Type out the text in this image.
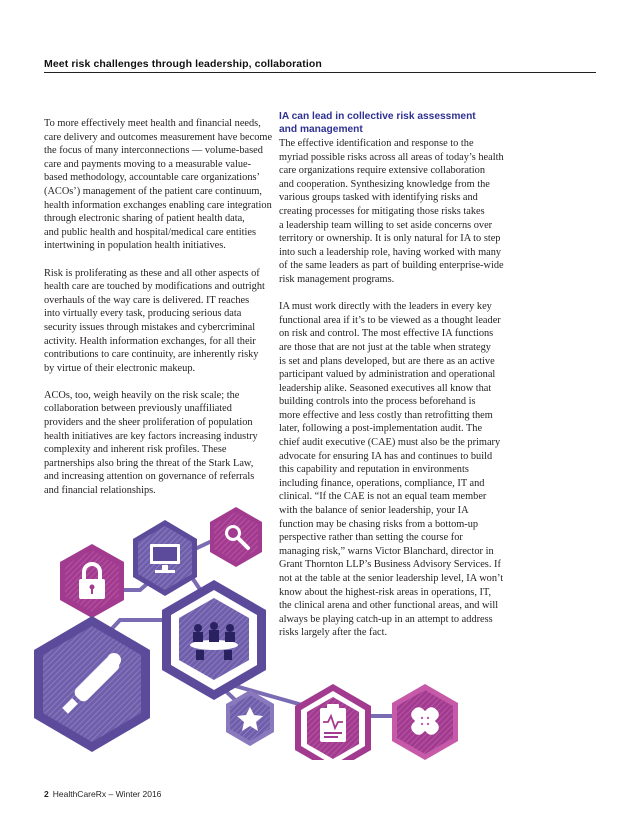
Meet risk challenges through leadership, collaboration

To more effectively meet health and financial needs,
care delivery and outcomes measurement have become
the focus of many interconnections — volume-based
care and payments moving to a measurable value-
based methodology, accountable care organizations’
(ACOs’) management of the patient care continuum,
health information exchanges enabling care integration
through electronic sharing of patient health data,
and public health and hospital/medical care entities
intertwining in population health initiatives.

Risk is proliferating as these and all other aspects of
health care are touched by modifications and outright
overhauls of the way care is delivered. IT reaches
into virtually every task, producing serious data
security issues through mistakes and cybercriminal
activity. Health information exchanges, for all their
contributions to care continuity, are inherently risky
by virtue of their electronic makeup.

ACOs, too, weigh heavily on the risk scale; the
collaboration between previously unaffiliated
providers and the sheer proliferation of population
health initiatives are key factors increasing industry
complexity and inherent risk profiles. These
partnerships also bring the threat of the Stark Law,
and increasing attention on governance of referrals
and financial relationships.

IA can lead in collective risk assessment
and management

The effective identification and response to the
myriad possible risks across all areas of today’s health
care organizations require extensive collaboration
and cooperation. Synthesizing knowledge from the
various groups tasked with identifying risks and
creating processes for mitigating those risks takes
a leadership team willing to set aside concerns over
territory or ownership. It is only natural for IA to step
into such a leadership role, having worked with many
of the same leaders as part of building enterprise-wide
risk management programs.

IA must work directly with the leaders in every key
functional area if it’s to be viewed as a thought leader
on risk and control. The most effective IA functions
are those that are not just at the table when strategy
is set and plans developed, but are there as an active
participant valued by administration and operational
leadership alike. Seasoned executives all know that
building controls into the process beforehand is
more effective and less costly than retrofitting them
later, following a post-implementation audit. The
chief audit executive (CAE) must also be the primary
advocate for ensuring IA has and continues to build
this capability and reputation in environments
including finance, operations, compliance, IT and
clinical. “If the CAE is not an equal team member
with the balance of senior leadership, your IA
function may be chasing risks from a bottom-up
perspective rather than setting the course for
managing risk,” warns Victor Blanchard, director in
Grant Thornton LLP’s Business Advisory Services. If
not at the table at the senior leadership level, IA won’t
know about the highest-risk areas in operations, IT,
the clinical arena and other functional areas, and will
always be playing catch-up in an attempt to address
risks largely after the fact.

2 HealthCareRx – Winter 2016
